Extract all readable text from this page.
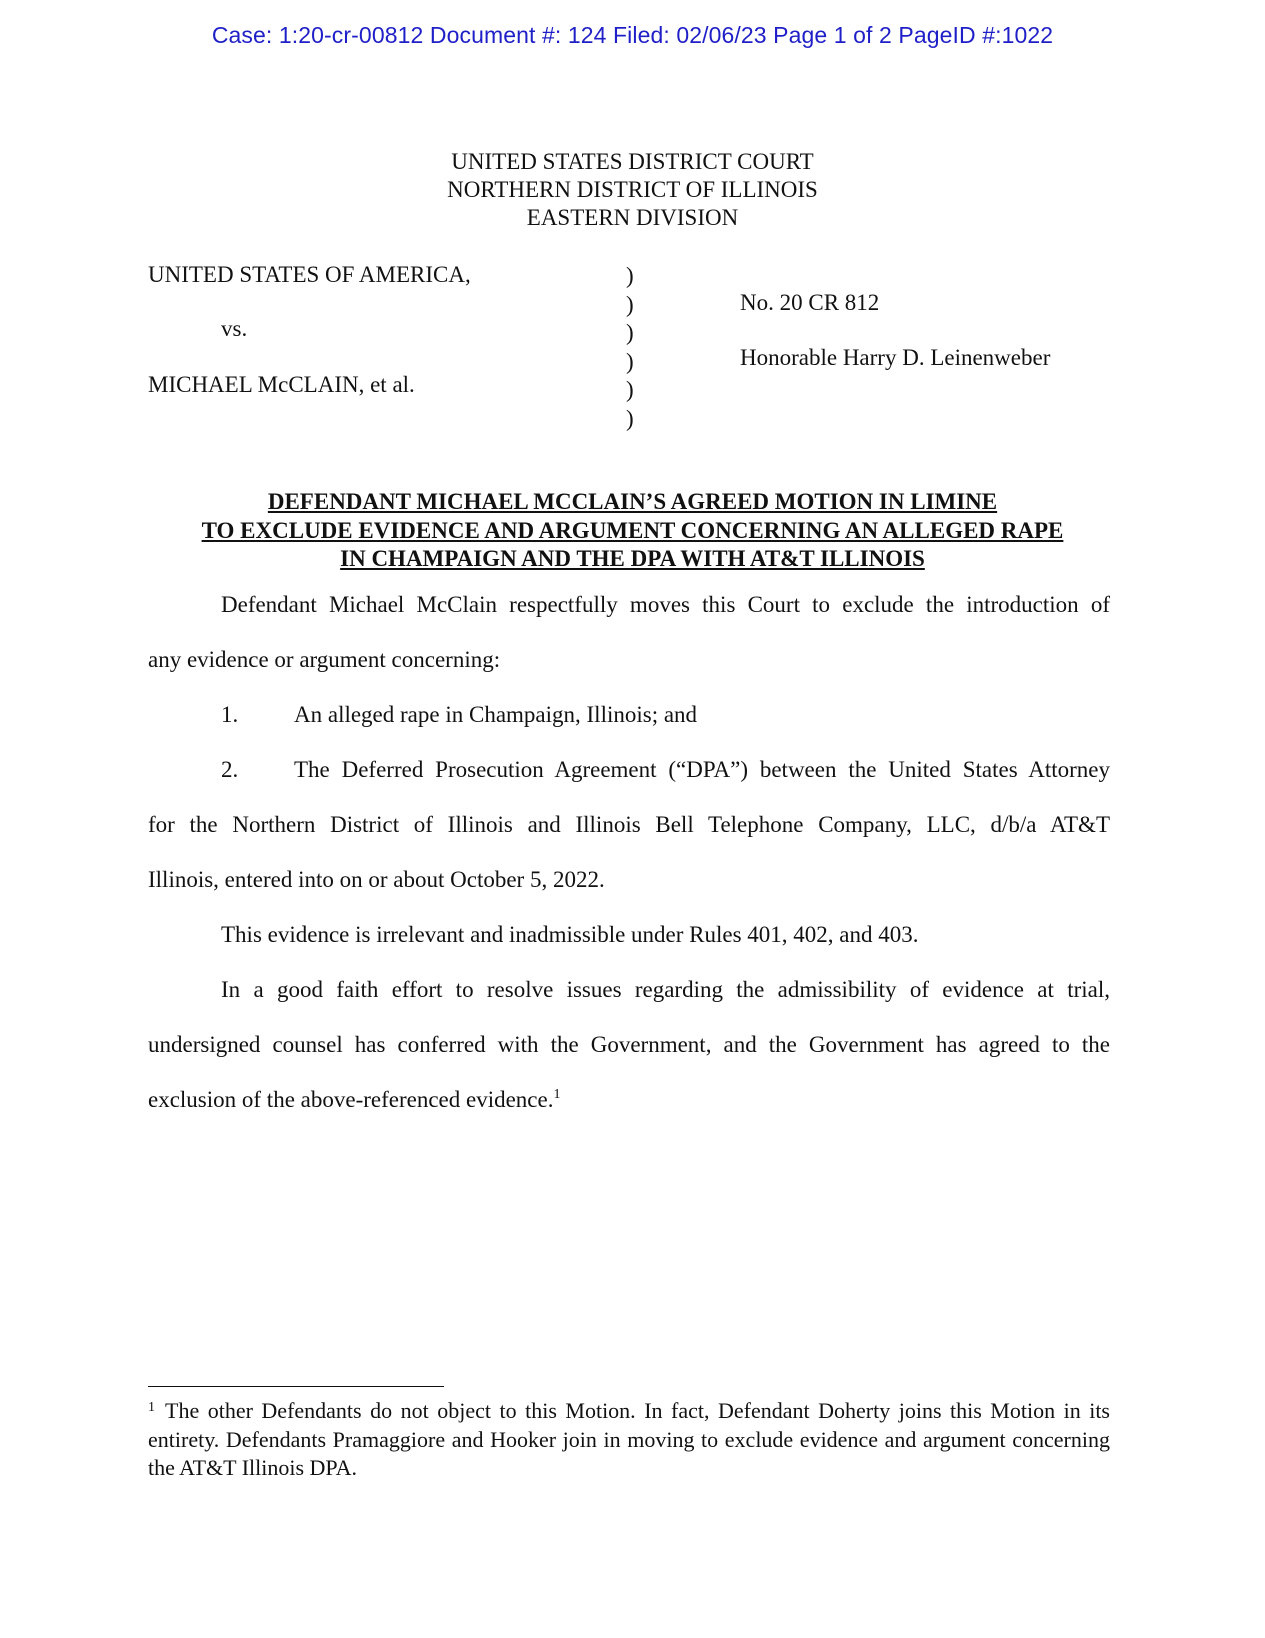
Case: 1:20-cr-00812 Document #: 124 Filed: 02/06/23 Page 1 of 2 PageID #:1022
UNITED STATES DISTRICT COURT
NORTHERN DISTRICT OF ILLINOIS
EASTERN DIVISION
UNITED STATES OF AMERICA,
vs.
MICHAEL McCLAIN, et al.
)
)
)
)
)
)
No. 20 CR 812
Honorable Harry D. Leinenweber
DEFENDANT MICHAEL MCCLAIN’S AGREED MOTION IN LIMINE
TO EXCLUDE EVIDENCE AND ARGUMENT CONCERNING AN ALLEGED RAPE
IN CHAMPAIGN AND THE DPA WITH AT&T ILLINOIS
Defendant Michael McClain respectfully moves this Court to exclude the introduction of
any evidence or argument concerning:
1. An alleged rape in Champaign, Illinois; and
2. The Deferred Prosecution Agreement (“DPA”) between the United States Attorney
for the Northern District of Illinois and Illinois Bell Telephone Company, LLC, d/b/a AT&T
Illinois, entered into on or about October 5, 2022.
This evidence is irrelevant and inadmissible under Rules 401, 402, and 403.
In a good faith effort to resolve issues regarding the admissibility of evidence at trial,
undersigned counsel has conferred with the Government, and the Government has agreed to the
exclusion of the above-referenced evidence.$^1$
$^1$ The other Defendants do not object to this Motion. In fact, Defendant Doherty joins this Motion in its entirety. Defendants Pramaggiore and Hooker join in moving to exclude evidence and argument concerning the AT&T Illinois DPA.
